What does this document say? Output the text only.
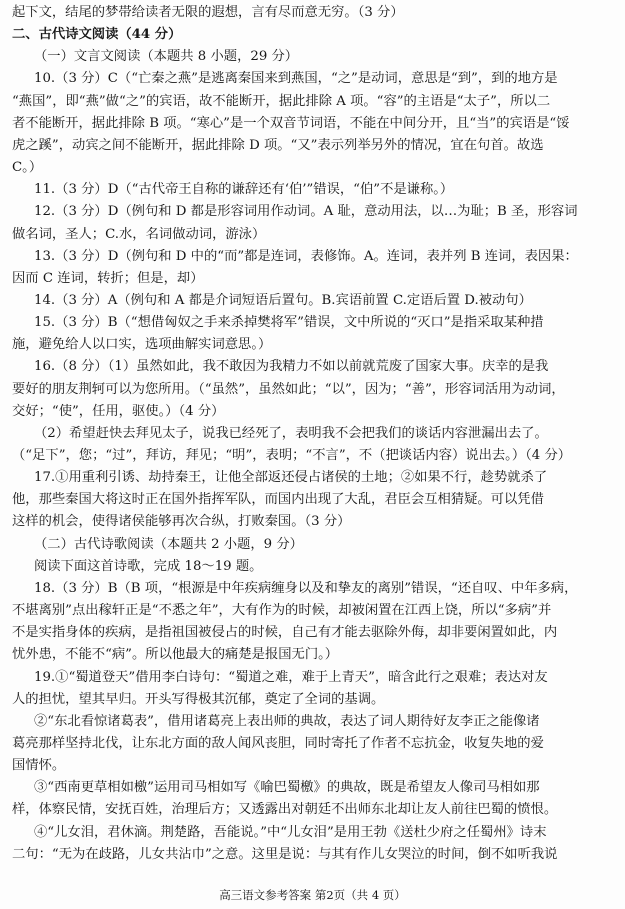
起下文，结尾的梦帯给读者无限的遐想，言有尽而意无穷。（3 分）
二、古代诗文阅读（44 分）
（一）文言文阅读（本题共 8 小题，29 分）
10.（3 分）C（“亡秦之燕”是逃离秦国来到燕国，“之”是动词，意思是“到”，到的地方是
“燕国”，即“燕”做“之”的宾语，故不能断开，据此排除 A 项。“容”的主语是“太子”，所以二
者不能断开，据此排除 B 项。“寒心”是一个双音节词语，不能在中间分开，且“当”的宾语是“馁
虎之蹊”，动宾之间不能断开，据此排除 D 项。“又”表示列举另外的情况，宜在句首。故选
C。）
11.（3 分）D（“古代帝王自称的谦辞还有‘伯’”错误，“伯”不是谦称。）
12.（3 分）D（例句和 D 都是形容词用作动词。A 耻，意动用法，以…为耻；B 圣，形容词
做名词，圣人；C.水，名词做动词，游泳）
13.（3 分）D（例句和 D 中的“而”都是连词，表修饰。A。连词，表并列 B 连词，表因果：
因而 C 连词，转折；但是，却）
14.（3 分）A（例句和 A 都是介词短语后置句。B.宾语前置 C.定语后置 D.被动句）
15.（3 分）B（“想借匈奴之手来杀掉樊将军”错误，文中所说的“灭口”是指采取某种措
施，避免给人以口实，选项曲解实词意思。）
16.（8 分）（1）虽然如此，我不敢因为我精力不如以前就荒废了国家大事。庆幸的是我
要好的朋友荆轲可以为您所用。（“虽然”，虽然如此；“以”，因为；“善”，形容词活用为动词，
交好；“使”，任用，驱使。）（4 分）
（2）希望赶快去拜见太子，说我已经死了，表明我不会把我们的谈话内容泄漏出去了。
（“足下”，您；“过”，拜访，拜见；“明”，表明；“不言”，不（把谈话内容）说出去。）（4 分）
17.①用重利引诱、劫持秦王，让他全部返还侵占诸侯的土地；②如果不行，趁势就杀了
他，那些秦国大将这时正在国外指挥军队，而国内出现了大乱，君臣会互相猜疑。可以凭借
这样的机会，使得诸侯能够再次合纵，打败秦国。（3 分）
（二）古代诗歌阅读（本题共 2 小题，9 分）
阅读下面这首诗歌，完成 18～19 题。
18.（3 分）B（B 项，“根源是中年疾病缠身以及和挚友的离别”错误，“还自叹、中年多病，
不堪离别”点出稼轩正是“不悉之年”，大有作为的时候，却被闲置在江西上饶，所以“多病”并
不是实指身体的疾病，是指祖国被侵占的时候，自己有才能去驱除外侮，却非要闲置如此，内
忧外患，不能不“病”。所以他最大的痛楚是报国无门。）
19.①“蜀道登天”借用李白诗句：“蜀道之难，难于上青天”，暗含此行之艰难；表达对友
人的担忧，望其早归。开头写得极其沉郁，奠定了全词的基调。
②“东北看惊诸葛表”，借用诸葛亮上表出师的典故，表达了词人期待好友李正之能像诸
葛亮那样坚持北伐，让东北方面的敌人闻风丧胆，同时寄托了作者不忘抗金，收复失地的爱
国情怀。
③“西南更草相如檄”运用司马相如写《喻巴蜀檄》的典故，既是希望友人像司马相如那
样，体察民情，安抚百姓，治理后方；又透露出对朝廷不出师东北却让友人前往巴蜀的愤恨。
④“儿女泪，君休滴。荆楚路，吾能说。”中“儿女泪”是用王勃《送杜少府之任蜀州》诗末
二句：“无为在歧路，儿女共沾巾”之意。这里是说：与其有作儿女哭泣的时间，倒不如听我说
高三语文参考答案 第2页（共 4 页）
